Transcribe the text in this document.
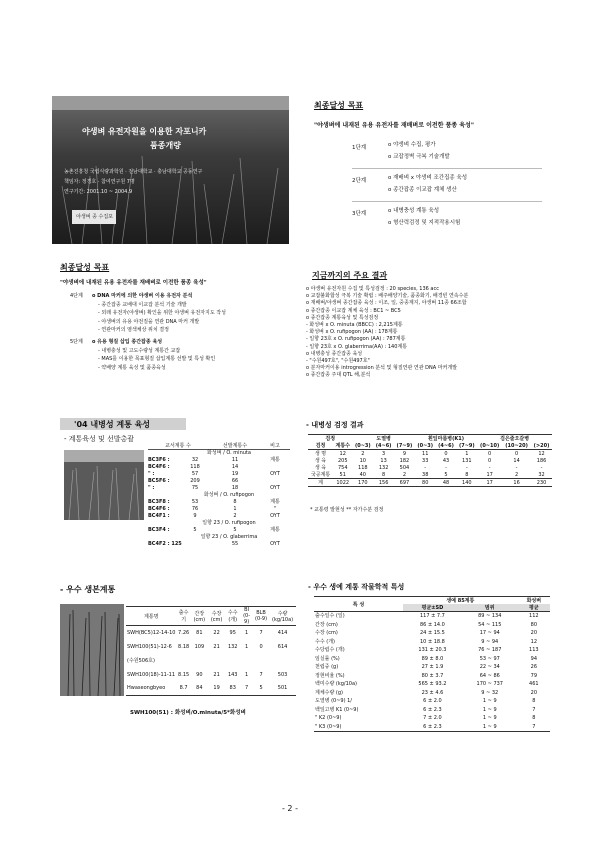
야생벼 유전자원을 이용한 자포니카
품종개량
농촌진흥청 국립식량과학원 · 전남대학교 · 충남대학교 공동연구
책임자: 정경호 · 참여연구원 7명
연구기간: 2001.10 ~ 2004.9
야생벼 종 수집포
최종달성 목표
"야생벼에 내재된 유용 유전자를 재배벼로 이전한 품종 육성"
1단계	o 야생벼 수집, 평가
o 교잡정벽 극복 기술개발
2단계	o 재배벼 x 야생벼 조간집종 육성
o 종간잡종 이교잡 계체 생산
3단계	o 내병충성 계통 육성
o 형산력검정 및 지적작용시험
최종달성 목표
"야생벼에 내재된 유용 유전자를 재배벼로 이전한 품종 육성"
4단계	o DNA 마커에 의한 야생벼 이용 유전자 분석
- 종간잡종 교배대 이교잡 분석 기술 개발
- 외래 유전자(야생벼) 확인을 위한 야생벼 유전자지도 작성
- 야생벼의 유용 야전질을 연관 DNA 마커 개발
- 연관마커의 염색체상 위치 결정
5단계	o 유용 형질 삽입 종간잡종 육성
- 내병충성 및 고도수량성 계통간 교잡
- MAS를 이용한 목표형질 삽입계통 선발 및 특성 확인
- 약배양 계통 육성 및 품종육성
지금까지의 주요 결과
o 야생벼 유전자원 수집 및 특성검정 : 20 species, 136 acc
o 교잡불화합성 극복 기술 확립 : 배주배양기술, 품종화기, 배경빈 연속수분
o 재배벼/야생벼 종간잡종 육성 : 이조, 일, 중종계지, 야생벼 11종 66조합
o 종간잡종 이교잡 계체 육성 : BC1 ~ BC5
o 종간잡종 계통육성 및 특성검정
- 화성벼 x O. minuta (BBCC) : 2,215계통
- 화성벼 x O. rufipogon (AA) : 178계통
- 일향 23호 x O. rufipogon (AA) : 787계통
- 일향 23호 x O. glaberrima(AA) : 140계통
o 내병충성 종간잡종 육성
- "수원497호", "수원497호"
o 분자마커이용 introgression 분석 및 형질연관 연관 DNA 마커개발
o 종간잡종 주대 QTL 해,분석
'04 내병성 계통 육성
- 계통육성 및 선발총괄
교서계통 수	선발계통수	비고
화성벼 / O. minuta
BC3F6 :	32	11	계통
BC4F6 :	118	14
" :	57	19	OYT
BC5F6 :	209	66
" :	75	18	OYT
화성벼 / O. rufipogon
BC3F8 :	53	8	계통
BC4F6 :	76	1	"
BC4F1 :	9	2	OYT
일향 23 / O. rufipogon
BC3F4 :	5	5	계통
일향 23 / O. glaberrima
BC4F2 : 125	55	OYT
- 내병성 검정 결과
검정		도열병			흰잎마름병(K1)			검은줄오갈병		
검정	계통수	(0~3)	(4~6)	(7~9)	(0~3)	(4~6)	(7~9)	(0~10)	(10~20)	(>20)
생 명	12	2	3	9	11	0	1	0	0	12
생 육	205	10	13	182	33	43	131	0	14	186
생 육	754	118	132	504	-	-	-	-	-	-
국공계통	51	40	8	2	38	5	8	17	2	32
계	1022	170	156	697	80	48	140	17	16	230
* 교통령 발현성 ** 자가수분 검정
- 우수 생본계통
계통명	출수기	간장 (cm)	수장 (cm)	수수 (개)	BI (0-9)	BLB (0-9)	수량 (kg/10a)
SWH(BC5)12-14-10	7.26	81	22	95	1	7	414
SWH100(51)-12-6	8.18	109	21	132	1	0	614
(수원506호)							
SWH100(18)-11-11	8.15	90	21	143	1	7	503
Hwaseongbyeo	8.7	84	19	83	7	5	501
SWH100(51) : 화성벼/O.minuta/5*화성벼
- 우수 생예 계통 작물학적 특성
특 성	생예 85계통		화성벼
	평균±SD	범위	평균
출수일수 (일)	117 ± 7.7	89 ~ 134	112
간장 (cm)	86 ± 14.0	54 ~ 115	80
수장 (cm)	24 ± 15.5	17 ~ 94	20
수수 (개)	10 ± 18.8	9 ~ 94	12
수당립수 (개)	131 ± 20.3	76 ~ 187	113
임실률 (%)	89 ± 8.0	53 ~ 97	94
천립중 (g)	27 ± 1.9	22 ~ 34	26
정현비율 (%)	80 ± 3.7	64 ~ 86	79
백미수량 (kg/10a)	565 ± 93.2	170 ~ 737	461
계체수량 (g)	23 ± 4.6	9 ~ 32	20
도열병 (0~9) 1/	6 ± 2.0	1 ~ 9	8
백잎고병 K1 (0~9)	6 ± 2.3	1 ~ 9	7
" K2 (0~9)	7 ± 2.0	1 ~ 9	8
" K3 (0~9)	6 ± 2.3	1 ~ 9	7
- 2 -
